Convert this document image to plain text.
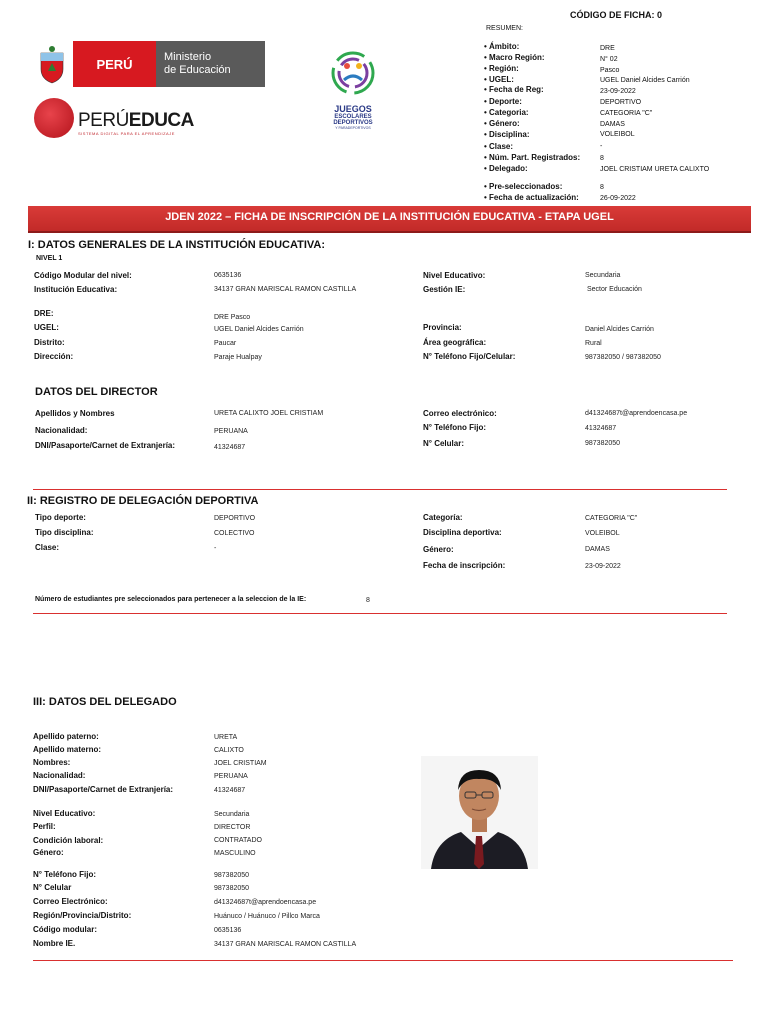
CÓDIGO DE FICHA: 0
RESUMEN:
PERÚ	Ministerio
de Educación
PERÚEDUCA
SISTEMA DIGITAL PARA EL APRENDIZAJE
JUEGOS
ESCOLARES
DEPORTIVOS
Y PARADEPORTIVOS
• Ámbito:	DRE
• Macro Región:	N° 02
• Región:	Pasco
• UGEL:	UGEL Daniel Alcides Carrión
• Fecha de Reg:	23-09-2022
• Deporte:	DEPORTIVO
• Categoria:	CATEGORIA "C"
• Género:	DAMAS
• Disciplina:	VOLEIBOL
• Clase:	-
• Núm. Part. Registrados:	8
• Delegado:	JOEL CRISTIAM URETA CALIXTO
• Pre-seleccionados:	8
• Fecha de actualización:	26-09-2022
JDEN 2022 – FICHA DE INSCRIPCIÓN DE LA INSTITUCIÓN EDUCATIVA - ETAPA UGEL
I: DATOS GENERALES DE LA INSTITUCIÓN EDUCATIVA:
NIVEL 1
Código Modular del nivel:	0635136
Institución Educativa:	34137 GRAN MARISCAL RAMON CASTILLA
Nivel Educativo:	Secundaria
Gestión IE:	Sector Educación
DRE:	DRE Pasco
UGEL:	UGEL Daniel Alcides Carrión
Distrito:	Paucar
Dirección:	Paraje Hualpay
Provincia:	Daniel Alcides Carrión
Área geográfica:	Rural
N° Teléfono Fijo/Celular:	987382050 / 987382050
DATOS DEL DIRECTOR
Apellidos y Nombres	URETA CALIXTO JOEL CRISTIAM
Nacionalidad:	PERUANA
DNI/Pasaporte/Carnet de Extranjería:	41324687
Correo electrónico:	d41324687t@aprendoencasa.pe
N° Teléfono Fijo:	41324687
N° Celular:	987382050
II: REGISTRO DE DELEGACIÓN DEPORTIVA
Tipo deporte:	DEPORTIVO
Tipo disciplina:	COLECTIVO
Clase:	-
Categoría:	CATEGORIA "C"
Disciplina deportiva:	VOLEIBOL
Género:	DAMAS
Fecha de inscripción:	23-09-2022
Número de estudiantes pre seleccionados para pertenecer a la seleccion de la IE:	8
III: DATOS DEL DELEGADO
Apellido paterno:	URETA
Apellido materno:	CALIXTO
Nombres:	JOEL CRISTIAM
Nacionalidad:	PERUANA
DNI/Pasaporte/Carnet de Extranjería:	41324687
Nivel Educativo:	Secundaria
Perfil:	DIRECTOR
Condición laboral:	CONTRATADO
Género:	MASCULINO
N° Teléfono Fijo:	987382050
N° Celular	987382050
Correo Electrónico:	d41324687t@aprendoencasa.pe
Región/Provincia/Distrito:	Huánuco / Huánuco / Pillco Marca
Código modular:	0635136
Nombre IE.	34137 GRAN MARISCAL RAMON CASTILLA
